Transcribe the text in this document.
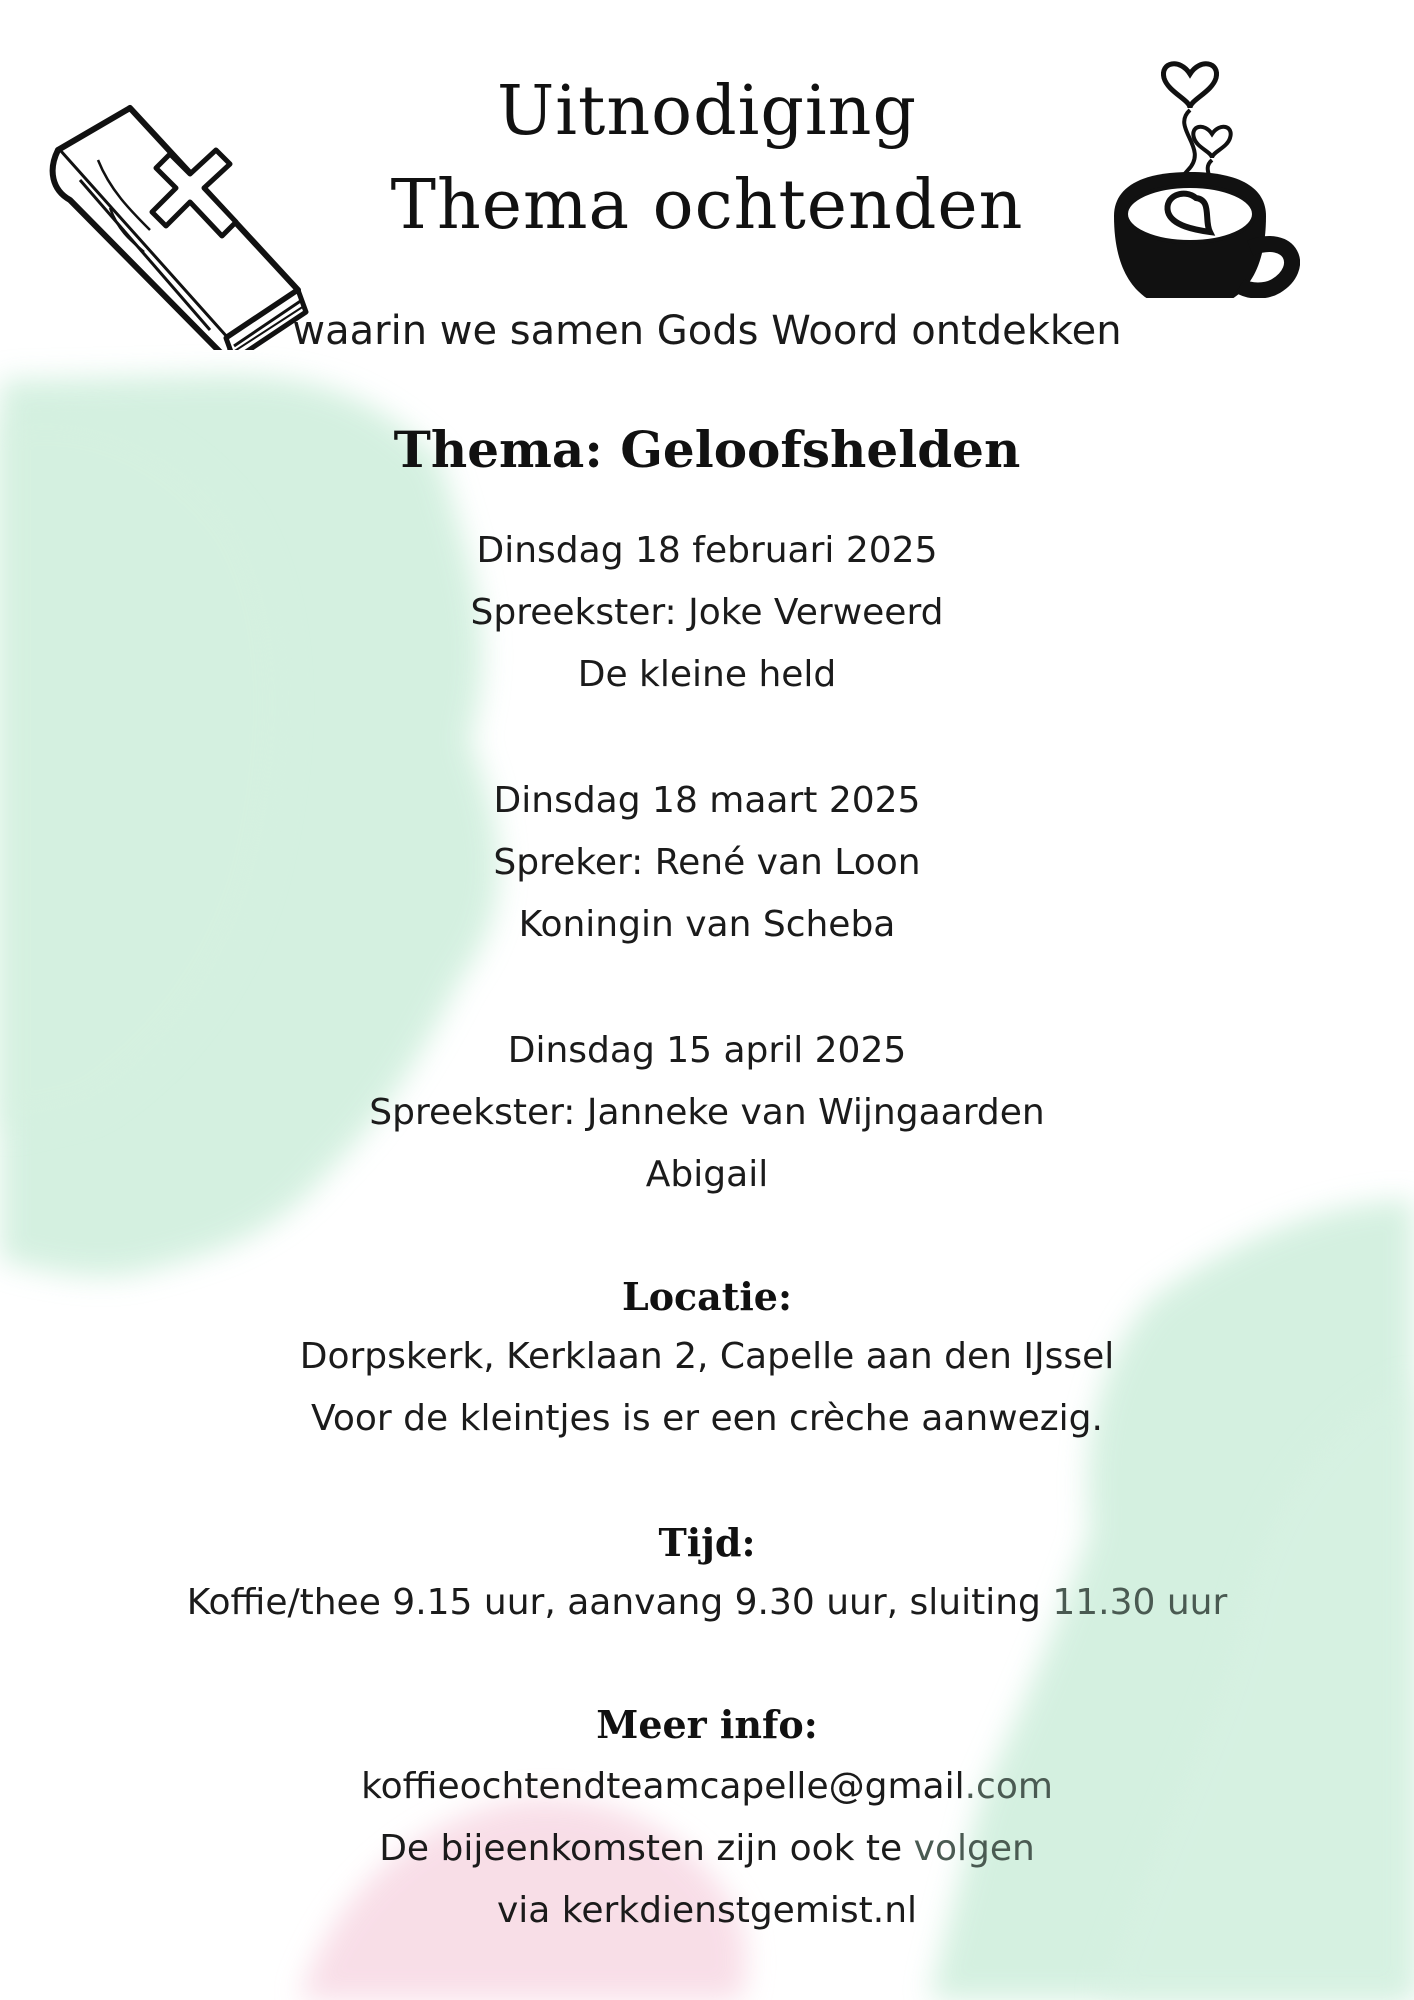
Uitnodiging
Thema ochtenden
waarin we samen Gods Woord ontdekken
Thema: Geloofshelden
Dinsdag 18 februari 2025
Spreekster: Joke Verweerd
De kleine held
Dinsdag 18 maart 2025
Spreker: René van Loon
Koningin van Scheba
Dinsdag 15 april 2025
Spreekster: Janneke van Wijngaarden
Abigail
Locatie:
Dorpskerk, Kerklaan 2, Capelle aan den IJssel
Voor de kleintjes is er een crèche aanwezig.
Tijd:
Koffie/thee 9.15 uur, aanvang 9.30 uur, sluiting 11.30 uur
Meer info:
koffieochtendteamcapelle@gmail.com
De bijeenkomsten zijn ook te volgen
via kerkdienstgemist.nl
